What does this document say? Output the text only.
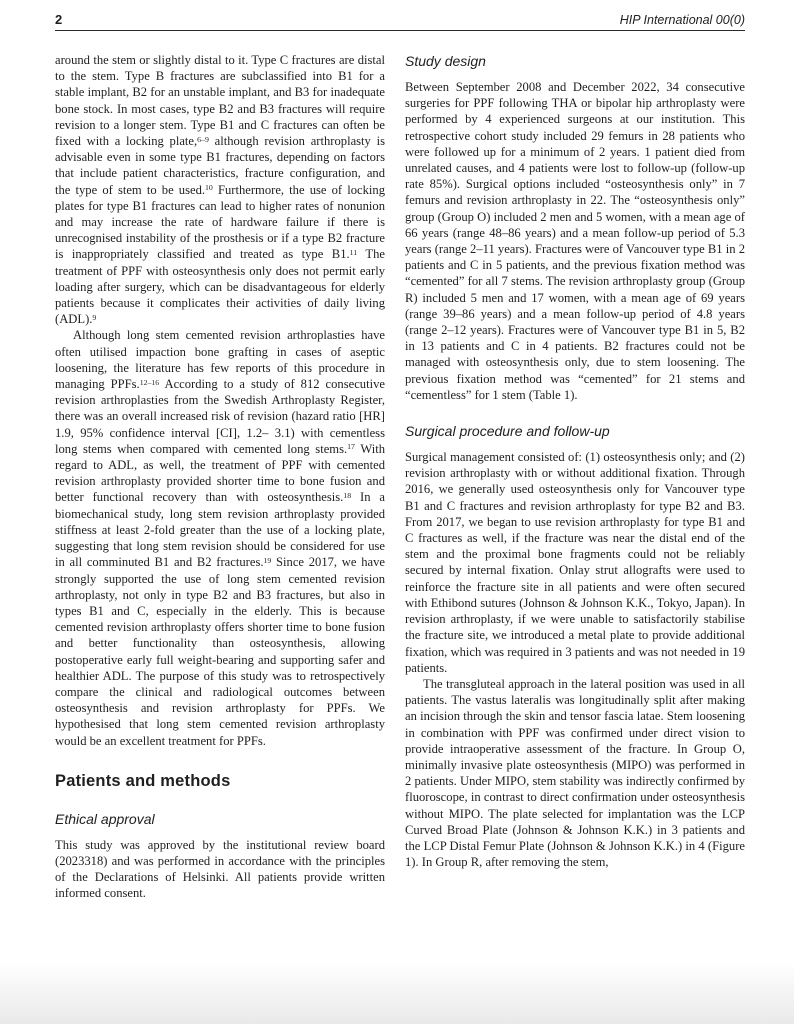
2	HIP International 00(0)

around the stem or slightly distal to it. Type C fractures are distal to the stem. Type B fractures are subclassified into B1 for a stable implant, B2 for an unstable implant, and B3 for inadequate bone stock. In most cases, type B2 and B3 fractures will require revision to a longer stem. Type B1 and C fractures can often be fixed with a locking plate,$^{6-9}$ although revision arthroplasty is advisable even in some type B1 fractures, depending on factors that include patient characteristics, fracture configuration, and the type of stem to be used.$^{10}$ Furthermore, the use of locking plates for type B1 fractures can lead to higher rates of nonunion and may increase the rate of hardware failure if there is unrecognised instability of the prosthesis or if a type B2 fracture is inappropriately classified and treated as type B1.11 The treatment of PPF with osteosynthesis only does not permit early loading after surgery, which can be disadvantageous for elderly patients because it complicates their activities of daily living (ADL).$^9$

Although long stem cemented revision arthroplasties have often utilised impaction bone grafting in cases of aseptic loosening, the literature has few reports of this procedure in managing PPFs.$^{12-16}$ According to a study of 812 consecutive revision arthroplasties from the Swedish Arthroplasty Register, there was an overall increased risk of revision (hazard ratio [HR] 1.9, 95% confidence interval [CI], 1.2– 3.1) with cementless long stems when compared with cemented long stems.$^{17}$ With regard to ADL, as well, the treatment of PPF with cemented revision arthroplasty provided shorter time to bone fusion and better functional recovery than with osteosynthesis.$^{18}$ In a biomechanical study, long stem revision arthroplasty provided stiffness at least 2-fold greater than the use of a locking plate, suggesting that long stem revision should be considered for use in all comminuted B1 and B2 fractures.$^{19}$ Since 2017, we have strongly supported the use of long stem cemented revision arthroplasty, not only in type B2 and B3 fractures, but also in types B1 and C, especially in the elderly. This is because cemented revision arthroplasty offers shorter time to bone fusion and better functionality than osteosynthesis, allowing postoperative early full weight-bearing and supporting safer and healthier ADL. The purpose of this study was to retrospectively compare the clinical and radiological outcomes between osteosynthesis and revision arthroplasty for PPFs. We hypothesised that long stem cemented revision arthroplasty would be an excellent treatment for PPFs.

Patients and methods
Ethical approval

This study was approved by the institutional review board (2023318) and was performed in accordance with the principles of the Declarations of Helsinki. All patients provide written informed consent.

Study design

Between September 2008 and December 2022, 34 consecutive surgeries for PPF following THA or bipolar hip arthroplasty were performed by 4 experienced surgeons at our institution. This retrospective cohort study included 29 femurs in 28 patients who were followed up for a minimum of 2 years. 1 patient died from unrelated causes, and 4 patients were lost to follow-up (follow-up rate 85%). Surgical options included “osteosynthesis only” in 7 femurs and revision arthroplasty in 22. The “osteosynthesis only” group (Group O) included 2 men and 5 women, with a mean age of 66 years (range 48–86 years) and a mean follow-up period of 5.3 years (range 2–11 years). Fractures were of Vancouver type B1 in 2 patients and C in 5 patients, and the previous fixation method was “cemented” for all 7 stems. The revision arthroplasty group (Group R) included 5 men and 17 women, with a mean age of 69 years (range 39–86 years) and a mean follow-up period of 4.8 years (range 2–12 years). Fractures were of Vancouver type B1 in 5, B2 in 13 patients and C in 4 patients. B2 fractures could not be managed with osteosynthesis only, due to stem loosening. The previous fixation method was “cemented” for 21 stems and “cementless” for 1 stem (Table 1).

Surgical procedure and follow-up

Surgical management consisted of: (1) osteosynthesis only; and (2) revision arthroplasty with or without additional fixation. Through 2016, we generally used osteosynthesis only for Vancouver type B1 and C fractures and revision arthroplasty for type B2 and B3. From 2017, we began to use revision arthroplasty for type B1 and C fractures as well, if the fracture was near the distal end of the stem and the proximal bone fragments could not be reliably secured by internal fixation. Onlay strut allografts were used to reinforce the fracture site in all patients and were often secured with Ethibond sutures (Johnson & Johnson K.K., Tokyo, Japan). In revision arthroplasty, if we were unable to satisfactorily stabilise the fracture site, we introduced a metal plate to provide additional fixation, which was required in 3 patients and was not needed in 19 patients.

The transgluteal approach in the lateral position was used in all patients. The vastus lateralis was longitudinally split after making an incision through the skin and tensor fascia latae. Stem loosening in combination with PPF was confirmed under direct vision to provide intraoperative assessment of the fracture. In Group O, minimally invasive plate osteosynthesis (MIPO) was performed in 2 patients. Under MIPO, stem stability was indirectly confirmed by fluoroscope, in contrast to direct confirmation under osteosynthesis without MIPO. The plate selected for implantation was the LCP Curved Broad Plate (Johnson & Johnson K.K.) in 3 patients and the LCP Distal Femur Plate (Johnson & Johnson K.K.) in 4 (Figure 1). In Group R, after removing the stem,
